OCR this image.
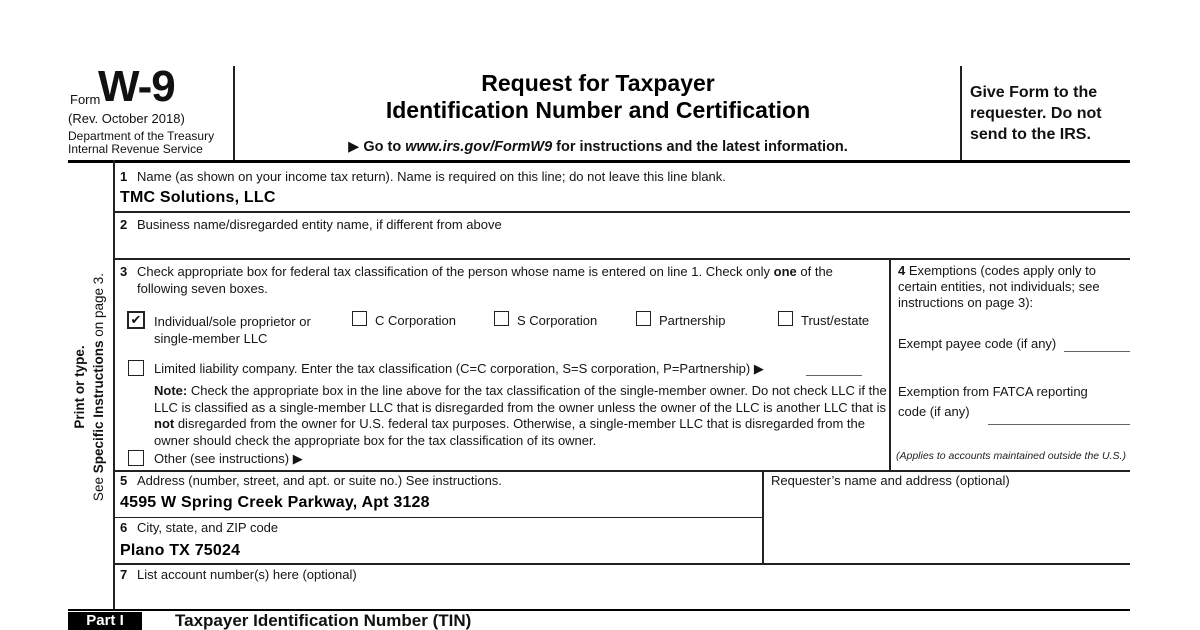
Form
W-9
(Rev. October 2018)
Department of the Treasury
Internal Revenue Service
Request for Taxpayer
Identification Number and Certification
▶ Go to www.irs.gov/FormW9 for instructions and the latest information.
Give Form to the requester. Do not send to the IRS.
Print or type.
See Specific Instructions on page 3.
1 Name (as shown on your income tax return). Name is required on this line; do not leave this line blank.
TMC Solutions, LLC
2 Business name/disregarded entity name, if different from above
3 Check appropriate box for federal tax classification of the person whose name is entered on line 1. Check only one of the following seven boxes.
✔ Individual/sole proprietor or single-member LLC
C Corporation	S Corporation	Partnership	Trust/estate
Limited liability company. Enter the tax classification (C=C corporation, S=S corporation, P=Partnership) ▶
Note: Check the appropriate box in the line above for the tax classification of the single-member owner. Do not check LLC if the LLC is classified as a single-member LLC that is disregarded from the owner unless the owner of the LLC is another LLC that is not disregarded from the owner for U.S. federal tax purposes. Otherwise, a single-member LLC that is disregarded from the owner should check the appropriate box for the tax classification of its owner.
Other (see instructions) ▶
4 Exemptions (codes apply only to certain entities, not individuals; see instructions on page 3):
Exempt payee code (if any)
Exemption from FATCA reporting
code (if any)
(Applies to accounts maintained outside the U.S.)
5 Address (number, street, and apt. or suite no.) See instructions.
4595 W Spring Creek Parkway, Apt 3128
Requester’s name and address (optional)
6 City, state, and ZIP code
Plano TX 75024
7 List account number(s) here (optional)
Part I	Taxpayer Identification Number (TIN)
